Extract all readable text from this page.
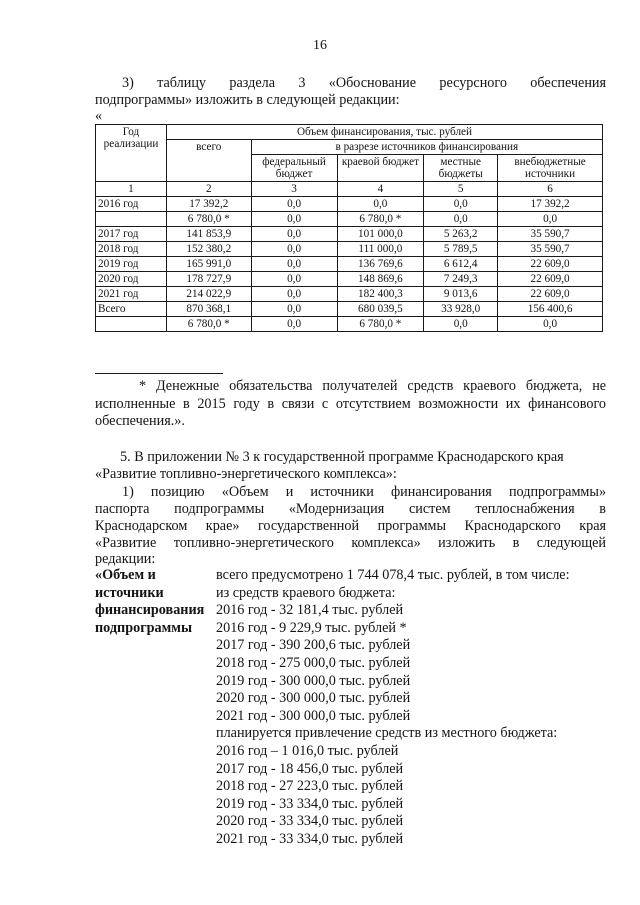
16
3) таблицу раздела 3 «Обоснование ресурсного обеспечения
подпрограммы» изложить в следующей редакции:
«
Год реализации	Объем финансирования, тыс. рублей				
	всего	в разрезе источников финансирования			
		федеральный бюджет	краевой бюджет	местные бюджеты	внебюджетные источники
1	2	3	4	5	6
2016 год	17 392,2	0,0	0,0	0,0	17 392,2
	6 780,0 *	0,0	6 780,0 *	0,0	0,0
2017 год	141 853,9	0,0	101 000,0	5 263,2	35 590,7
2018 год	152 380,2	0,0	111 000,0	5 789,5	35 590,7
2019 год	165 991,0	0,0	136 769,6	6 612,4	22 609,0
2020 год	178 727,9	0,0	148 869,6	7 249,3	22 609,0
2021 год	214 022,9	0,0	182 400,3	9 013,6	22 609,0
Всего	870 368,1	0,0	680 039,5	33 928,0	156 400,6
	6 780,0 *	0,0	6 780,0 *	0,0	0,0
* Денежные обязательства получателей средств краевого бюджета, не
исполненные в 2015 году в связи с отсутствием возможности их финансового
обеспечения.».
5. В приложении № 3 к государственной программе Краснодарского края
«Развитие топливно-энергетического комплекса»:
1) позицию «Объем и источники финансирования подпрограммы»
паспорта подпрограммы «Модернизация систем теплоснабжения в
Краснодарском крае» государственной программы Краснодарского края
«Развитие топливно-энергетического комплекса» изложить в следующей
редакции:
«Объем и
источники
финансирования
подпрограммы
всего предусмотрено 1 744 078,4 тыс. рублей, в том числе:
из средств краевого бюджета:
2016 год - 32 181,4 тыс. рублей
2016 год - 9 229,9 тыс. рублей *
2017 год - 390 200,6 тыс. рублей
2018 год - 275 000,0 тыс. рублей
2019 год - 300 000,0 тыс. рублей
2020 год - 300 000,0 тыс. рублей
2021 год - 300 000,0 тыс. рублей
планируется привлечение средств из местного бюджета:
2016 год – 1 016,0 тыс. рублей
2017 год - 18 456,0 тыс. рублей
2018 год - 27 223,0 тыс. рублей
2019 год - 33 334,0 тыс. рублей
2020 год - 33 334,0 тыс. рублей
2021 год - 33 334,0 тыс. рублей
